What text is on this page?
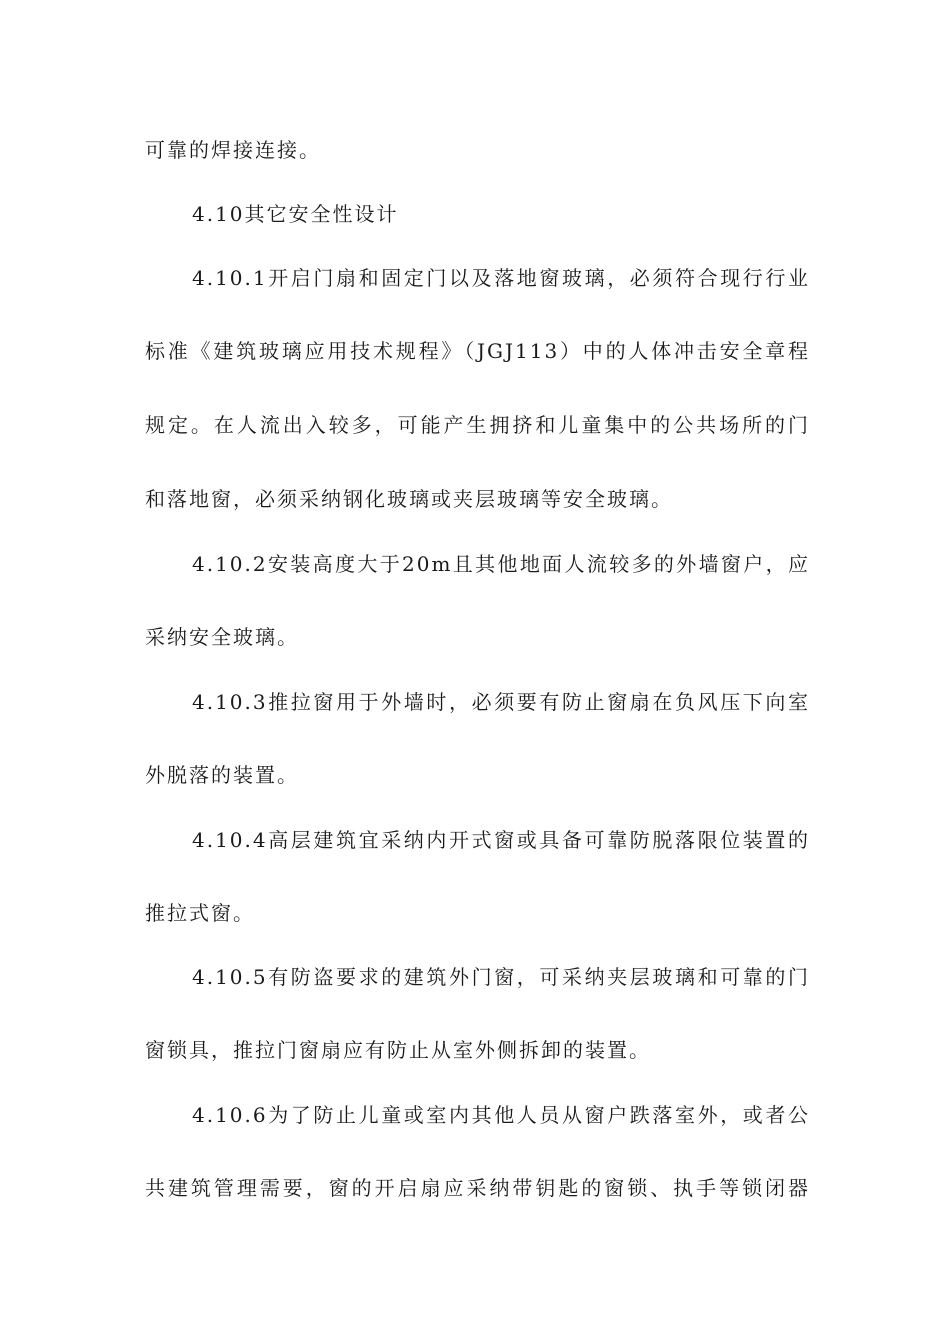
可靠的焊接连接。
4.10其它安全性设计
4.10.1开启门扇和固定门以及落地窗玻璃，必须符合现行行业
标准《建筑玻璃应用技术规程》（JGJ113）中的人体冲击安全章程
规定。在人流出入较多，可能产生拥挤和儿童集中的公共场所的门
和落地窗，必须采纳钢化玻璃或夹层玻璃等安全玻璃。
4.10.2安装高度大于20m且其他地面人流较多的外墙窗户，应
采纳安全玻璃。
4.10.3推拉窗用于外墙时，必须要有防止窗扇在负风压下向室
外脱落的装置。
4.10.4高层建筑宜采纳内开式窗或具备可靠防脱落限位装置的
推拉式窗。
4.10.5有防盗要求的建筑外门窗，可采纳夹层玻璃和可靠的门
窗锁具，推拉门窗扇应有防止从室外侧拆卸的装置。
4.10.6为了防止儿童或室内其他人员从窗户跌落室外，或者公
共建筑管理需要，窗的开启扇应采纳带钥匙的窗锁、执手等锁闭器
